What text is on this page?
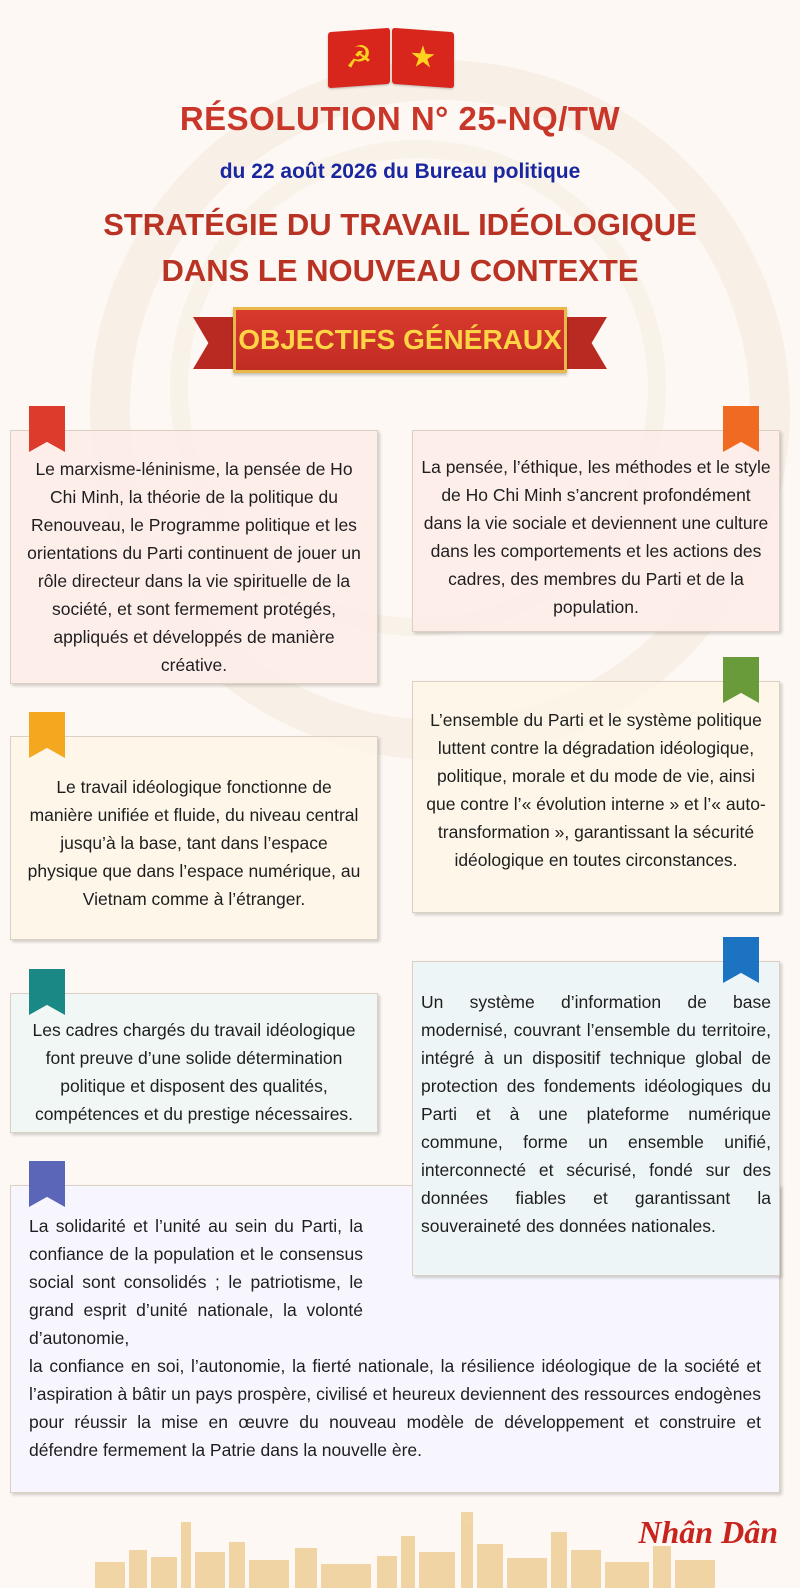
☭	★
RÉSOLUTION N° 25-NQ/TW
du 22 août 2026 du Bureau politique
STRATÉGIE DU TRAVAIL IDÉOLOGIQUE
DANS LE NOUVEAU CONTEXTE
OBJECTIFS GÉNÉRAUX
Le marxisme-léninisme, la pensée de Ho Chi Minh, la théorie de la politique du Renouveau, le Programme politique et les orientations du Parti continuent de jouer un rôle directeur dans la vie spirituelle de la société, et sont fermement protégés, appliqués et développés de manière créative.
La pensée, l’éthique, les méthodes et le style de Ho Chi Minh s’ancrent profondément dans la vie sociale et deviennent une culture dans les comportements et les actions des cadres, des membres du Parti et de la population.
Le travail idéologique fonctionne de manière unifiée et fluide, du niveau central jusqu’à la base, tant dans l’espace physique que dans l’espace numérique, au Vietnam comme à l’étranger.
L’ensemble du Parti et le système politique luttent contre la dégradation idéologique, politique, morale et du mode de vie, ainsi que contre l’« évolution interne » et l’« auto-transformation », garantissant la sécurité idéologique en toutes circonstances.
Les cadres chargés du travail idéologique font preuve d’une solide détermination politique et disposent des qualités, compétences et du prestige nécessaires.
La solidarité et l’unité au sein du Parti, la confiance de la population et le consensus social sont consolidés ; le patriotisme, le grand esprit d’unité nationale, la volonté d’autonomie,
la confiance en soi, l’autonomie, la fierté nationale, la résilience idéologique de la société et l’aspiration à bâtir un pays prospère, civilisé et heureux deviennent des ressources endogènes pour réussir la mise en œuvre du nouveau modèle de développement et construire et défendre fermement la Patrie dans la nouvelle ère.
Un système d’information de base modernisé, couvrant l’ensemble du territoire, intégré à un dispositif technique global de protection des fondements idéologiques du Parti et à une plateforme numérique commune, forme un ensemble unifié, interconnecté et sécurisé, fondé sur des données fiables et garantissant la souveraineté des données nationales.
Nhân Dân
